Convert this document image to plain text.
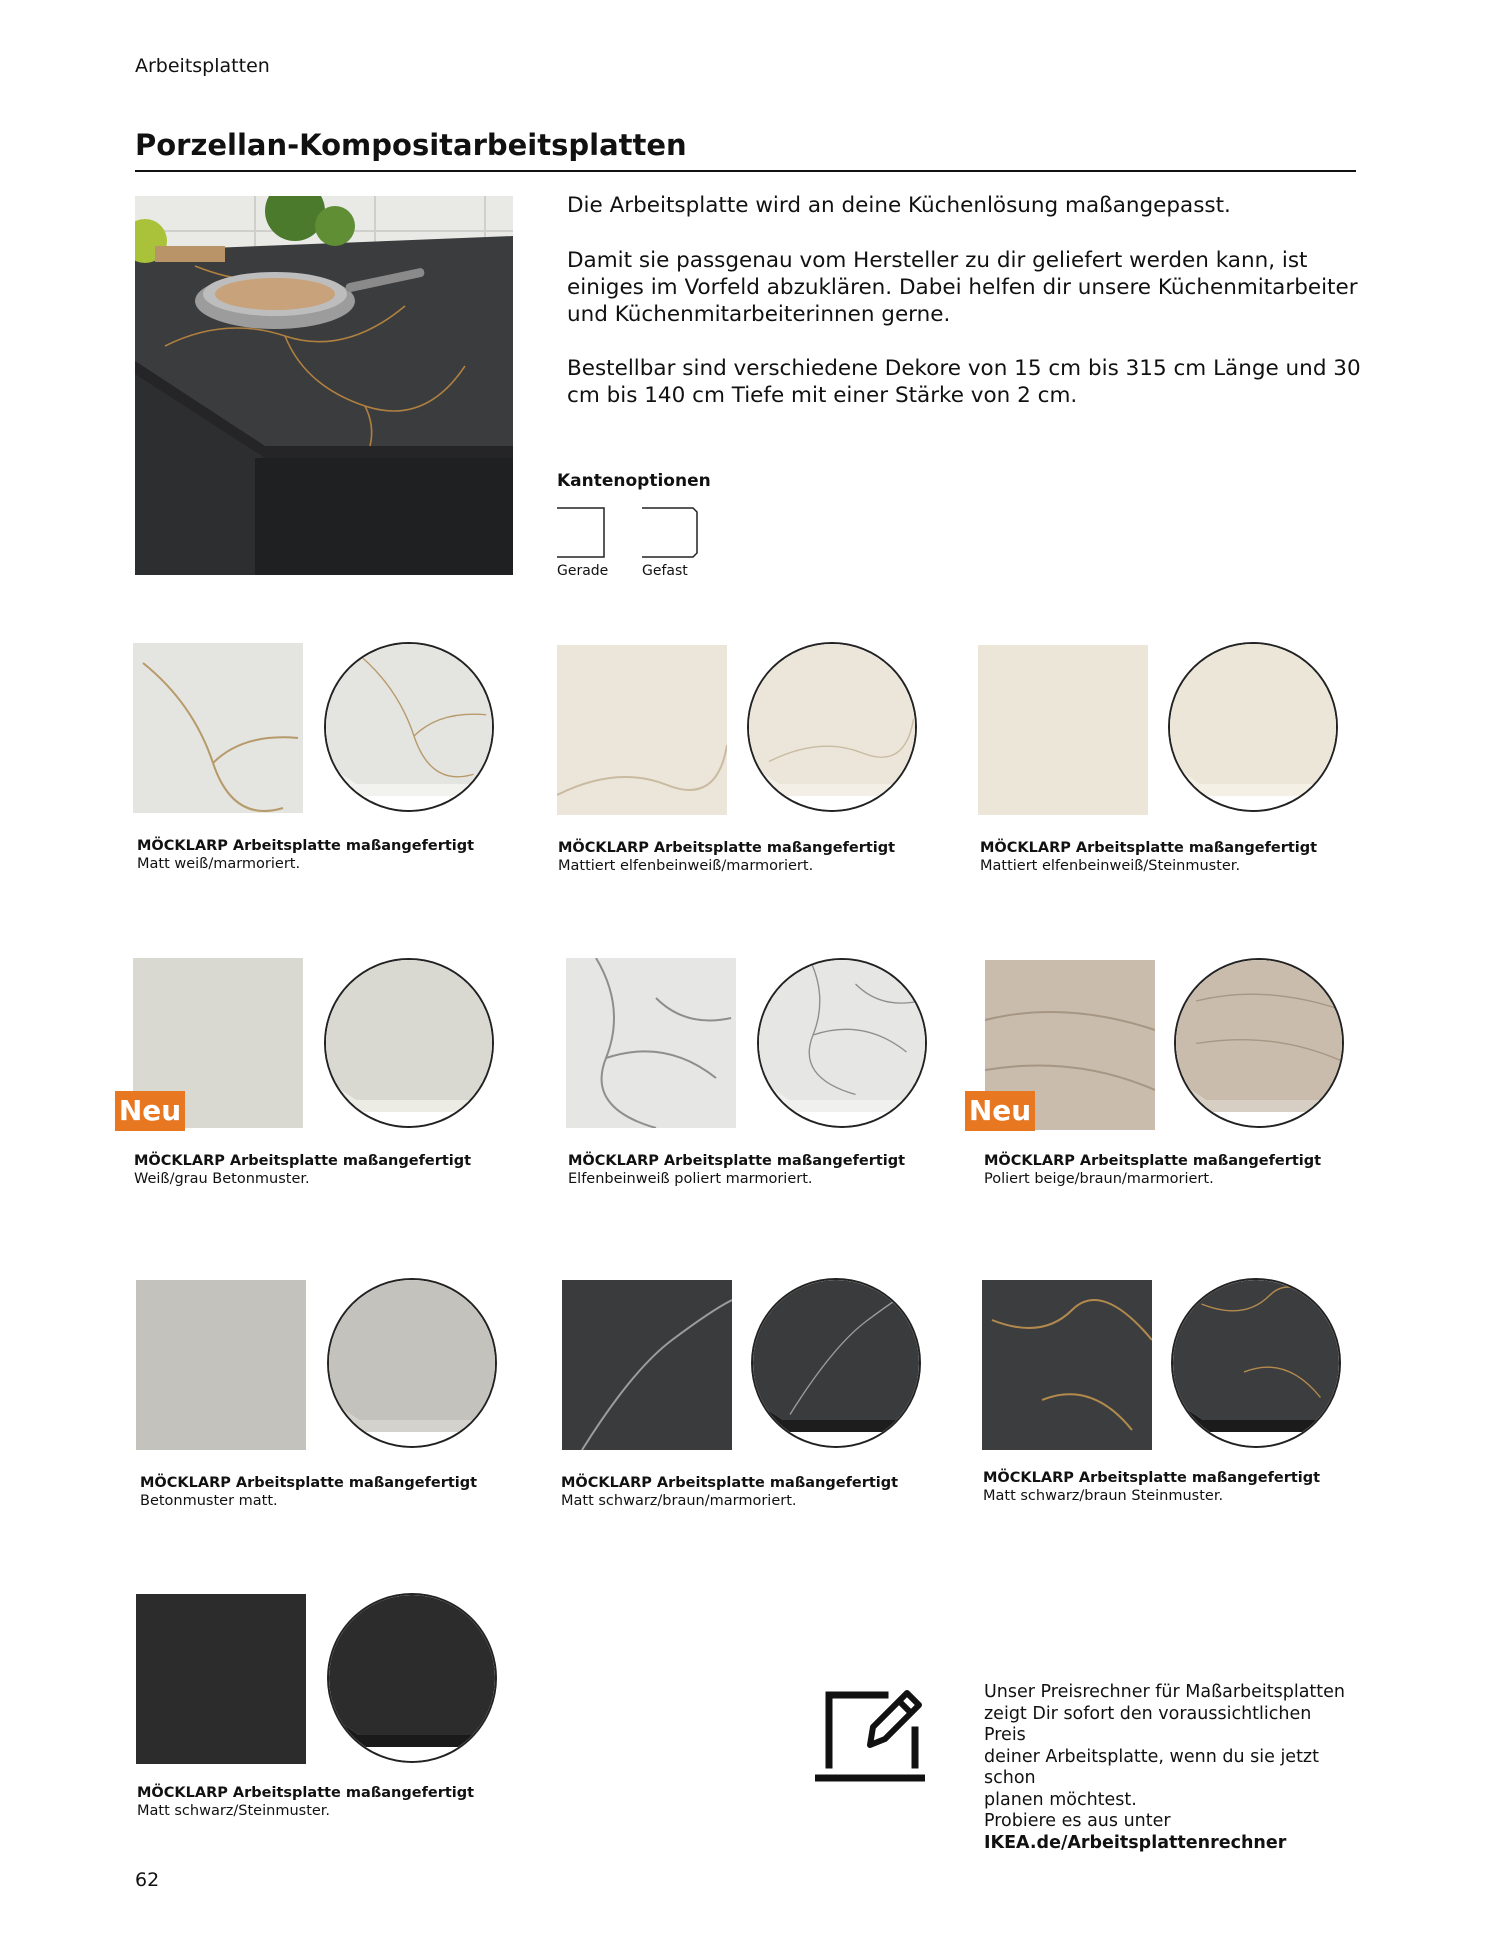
Arbeitsplatten
Porzellan-Kompositarbeitsplatten
Die Arbeitsplatte wird an deine Küchenlösung maßangepasst.
Damit sie passgenau vom Hersteller zu dir geliefert werden kann, ist einiges im Vorfeld abzuklären. Dabei helfen dir unsere Küchenmitarbeiter und Küchenmitarbeiterinnen gerne.
Bestellbar sind verschiedene Dekore von 15 cm bis 315 cm Länge und 30 cm bis 140 cm Tiefe mit einer Stärke von 2 cm.
Kantenoptionen
Gerade Gefast
MÖCKLARP Arbeitsplatte maßangefertigt
Matt weiß/marmoriert.
MÖCKLARP Arbeitsplatte maßangefertigt
Mattiert elfenbeinweiß/marmoriert.
MÖCKLARP Arbeitsplatte maßangefertigt
Mattiert elfenbeinweiß/Steinmuster.
Neu
MÖCKLARP Arbeitsplatte maßangefertigt
Weiß/grau Betonmuster.
MÖCKLARP Arbeitsplatte maßangefertigt
Elfenbeinweiß poliert marmoriert.
Neu
MÖCKLARP Arbeitsplatte maßangefertigt
Poliert beige/braun/marmoriert.
MÖCKLARP Arbeitsplatte maßangefertigt
Betonmuster matt.
MÖCKLARP Arbeitsplatte maßangefertigt
Matt schwarz/braun/marmoriert.
MÖCKLARP Arbeitsplatte maßangefertigt
Matt schwarz/braun Steinmuster.
MÖCKLARP Arbeitsplatte maßangefertigt
Matt schwarz/Steinmuster.
Unser Preisrechner für Maßarbeitsplatten
zeigt Dir sofort den voraussichtlichen Preis
deiner Arbeitsplatte, wenn du sie jetzt schon
planen möchtest.
Probiere es aus unter
IKEA.de/Arbeitsplattenrechner
62
